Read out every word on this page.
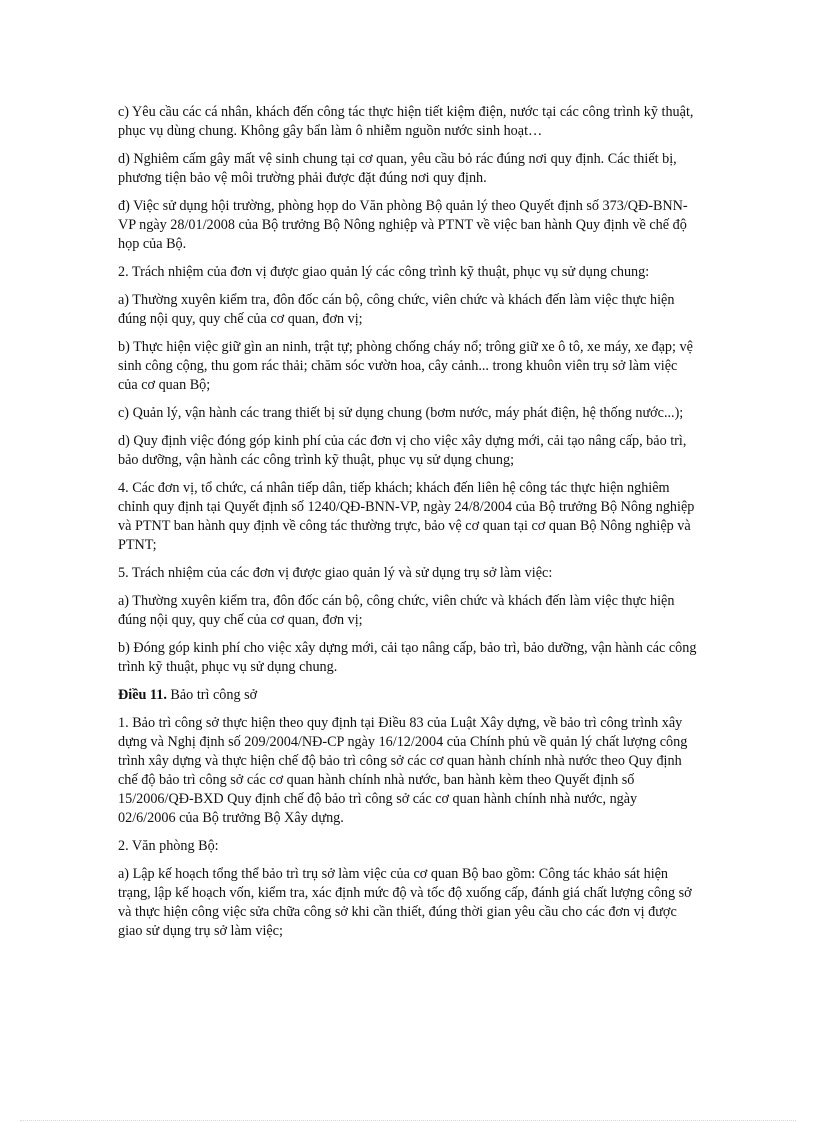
c) Yêu cầu các cá nhân, khách đến công tác thực hiện tiết kiệm điện, nước tại các công trình kỹ thuật, phục vụ dùng chung. Không gây bẩn làm ô nhiễm nguồn nước sinh hoạt…

d) Nghiêm cấm gây mất vệ sinh chung tại cơ quan, yêu cầu bỏ rác đúng nơi quy định. Các thiết bị, phương tiện bảo vệ môi trường phải được đặt đúng nơi quy định.

đ) Việc sử dụng hội trường, phòng họp do Văn phòng Bộ quản lý theo Quyết định số 373/QĐ-BNN-VP ngày 28/01/2008 của Bộ trưởng Bộ Nông nghiệp và PTNT về việc ban hành Quy định về chế độ họp của Bộ.

2. Trách nhiệm của đơn vị được giao quản lý các công trình kỹ thuật, phục vụ sử dụng chung:

a) Thường xuyên kiểm tra, đôn đốc cán bộ, công chức, viên chức và khách đến làm việc thực hiện đúng nội quy, quy chế của cơ quan, đơn vị;

b) Thực hiện việc giữ gìn an ninh, trật tự; phòng chống cháy nổ; trông giữ xe ô tô, xe máy, xe đạp; vệ sinh công cộng, thu gom rác thải; chăm sóc vườn hoa, cây cảnh... trong khuôn viên trụ sở làm việc của cơ quan Bộ;

c) Quản lý, vận hành các trang thiết bị sử dụng chung (bơm nước, máy phát điện, hệ thống nước...);

d) Quy định việc đóng góp kinh phí của các đơn vị cho việc xây dựng mới, cải tạo nâng cấp, bảo trì, bảo dưỡng, vận hành các công trình kỹ thuật, phục vụ sử dụng chung;

4. Các đơn vị, tổ chức, cá nhân tiếp dân, tiếp khách; khách đến liên hệ công tác thực hiện nghiêm chỉnh quy định tại Quyết định số 1240/QĐ-BNN-VP, ngày 24/8/2004 của Bộ trưởng Bộ Nông nghiệp và PTNT ban hành quy định về công tác thường trực, bảo vệ cơ quan tại cơ quan Bộ Nông nghiệp và PTNT;

5. Trách nhiệm của các đơn vị được giao quản lý và sử dụng trụ sở làm việc:

a) Thường xuyên kiểm tra, đôn đốc cán bộ, công chức, viên chức và khách đến làm việc thực hiện đúng nội quy, quy chế của cơ quan, đơn vị;

b) Đóng góp kinh phí cho việc xây dựng mới, cải tạo nâng cấp, bảo trì, bảo dưỡng, vận hành các công trình kỹ thuật, phục vụ sử dụng chung.

Điều 11. Bảo trì công sở

1. Bảo trì công sở thực hiện theo quy định tại Điều 83 của Luật Xây dựng, về bảo trì công trình xây dựng và Nghị định số 209/2004/NĐ-CP ngày 16/12/2004 của Chính phủ về quản lý chất lượng công trình xây dựng và thực hiện chế độ bảo trì công sở các cơ quan hành chính nhà nước theo Quy định chế độ bảo trì công sở các cơ quan hành chính nhà nước, ban hành kèm theo Quyết định số 15/2006/QĐ-BXD Quy định chế độ bảo trì công sở các cơ quan hành chính nhà nước, ngày 02/6/2006 của Bộ trưởng Bộ Xây dựng.

2. Văn phòng Bộ:

a) Lập kế hoạch tổng thể bảo trì trụ sở làm việc của cơ quan Bộ bao gồm: Công tác khảo sát hiện trạng, lập kế hoạch vốn, kiểm tra, xác định mức độ và tốc độ xuống cấp, đánh giá chất lượng công sở và thực hiện công việc sửa chữa công sở khi cần thiết, đúng thời gian yêu cầu cho các đơn vị được giao sử dụng trụ sở làm việc;
